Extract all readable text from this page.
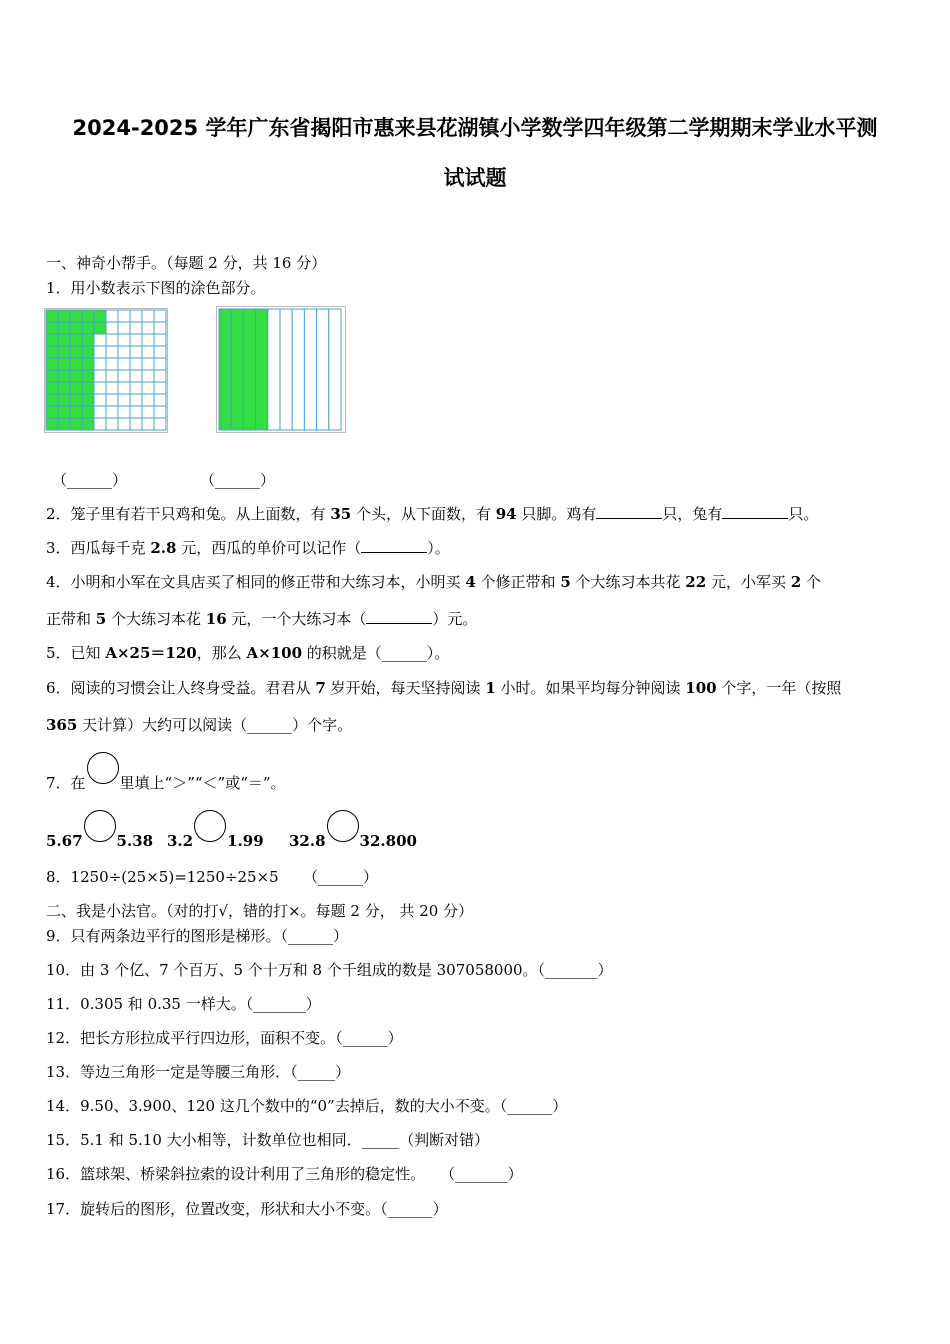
2024-2025 学年广东省揭阳市惠来县花湖镇小学数学四年级第二学期期末学业水平测
试试题
一、神奇小帮手。（每题 2 分，共 16 分）
1．用小数表示下图的涂色部分。
（______）	（______）
2．笼子里有若干只鸡和兔。从上面数，有 35 个头，从下面数，有 94 只脚。鸡有	只，兔有	只。
3．西瓜每千克 2.8 元，西瓜的单价可以记作（	）。
4．小明和小军在文具店买了相同的修正带和大练习本，小明买 4 个修正带和 5 个大练习本共花 22 元，小军买 2 个
正带和 5 个大练习本花 16 元，一个大练习本（	）元。
5．已知 A×25＝120，那么 A×100 的积就是（______）。
6．阅读的习惯会让人终身受益。君君从 7 岁开始，每天坚持阅读 1 小时。如果平均每分钟阅读 100 个字，一年（按照
365 天计算）大约可以阅读（______）个字。
7．在 里填上“＞”“＜”或“＝”。
5.67 5.38 3.2 1.99 32.8 32.800
8．1250÷(25×5)=1250÷25×5 （______）
二、我是小法官。（对的打√，错的打×。每题 2 分， 共 20 分）
9．只有两条边平行的图形是梯形。（______）
10．由 3 个亿、7 个百万、5 个十万和 8 个千组成的数是 307058000。（_______）
11．0.305 和 0.35 一样大。（_______）
12．把长方形拉成平行四边形，面积不变。（______）
13．等边三角形一定是等腰三角形．（_____）
14．9.50、3.900、120 这几个数中的“0”去掉后，数的大小不变。（______）
15．5.1 和 5.10 大小相等，计数单位也相同．_____（判断对错）
16．篮球架、桥梁斜拉索的设计利用了三角形的稳定性。　　（_______）
17．旋转后的图形，位置改变，形状和大小不变。（______）
